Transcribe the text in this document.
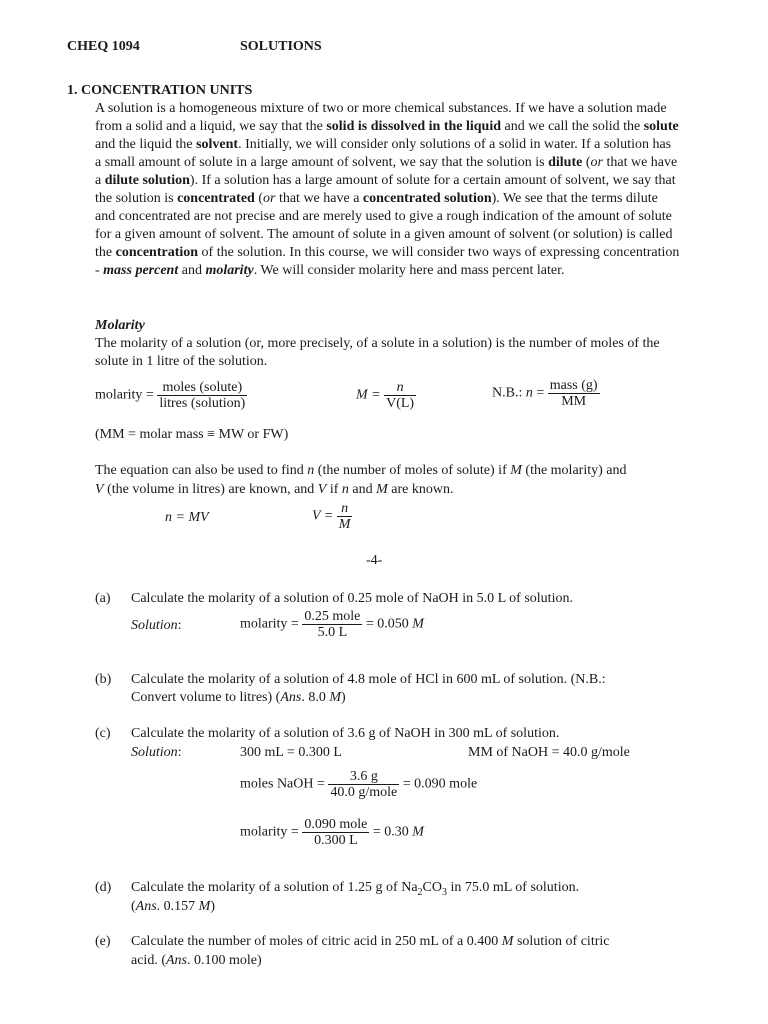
CHEQ 1094	SOLUTIONS
1. CONCENTRATION UNITS
A solution is a homogeneous mixture of two or more chemical substances. If we have a solution made from a solid and a liquid, we say that the solid is dissolved in the liquid and we call the solid the solute and the liquid the solvent. Initially, we will consider only solutions of a solid in water. If a solution has a small amount of solute in a large amount of solvent, we say that the solution is dilute (or that we have a dilute solution). If a solution has a large amount of solute for a certain amount of solvent, we say that the solution is concentrated (or that we have a concentrated solution). We see that the terms dilute and concentrated are not precise and are merely used to give a rough indication of the amount of solute for a given amount of solvent. The amount of solute in a given amount of solvent (or solution) is called the concentration of the solution. In this course, we will consider two ways of expressing concentration - mass percent and molarity. We will consider molarity here and mass percent later.
Molarity
The molarity of a solution (or, more precisely, of a solute in a solution) is the number of moles of the solute in 1 litre of the solution.
molarity = $\frac{\text{moles (solute)}}{\text{litres (solution)}}$	$M = \frac{n}{V(L)}$	N.B.: $n = \frac{\text{mass (g)}}{MM}$
(MM = molar mass ≡ MW or FW)
The equation can also be used to find n (the number of moles of solute) if M (the molarity) and
V (the volume in litres) are known, and V if n and M are known.
n = MV	$V = \frac{n}{M}$
-4-
(a) Calculate the molarity of a solution of 0.25 mole of NaOH in 5.0 L of solution.
Solution:	molarity = $\frac{\text{0.25 mole}}{5.0 L} = 0.050$ M
(b) Calculate the molarity of a solution of 4.8 mole of HCl in 600 mL of solution. (N.B.:
Convert volume to litres) (Ans. 8.0 M)
(c) Calculate the molarity of a solution of 3.6 g of NaOH in 300 mL of solution.
Solution:	300 mL = 0.300 L	MM of NaOH = 40.0 g/mole
moles NaOH = $\frac{3.6 g}{\text{40.0 g/mole}} = 0.090$ mole
molarity = $\frac{\text{0.090 mole}}{0.300 L} = 0.30$ M
(d) Calculate the molarity of a solution of 1.25 g of $Na_2CO_3$ in 75.0 mL of solution.
(Ans. 0.157 M)
(e) Calculate the number of moles of citric acid in 250 mL of a 0.400 M solution of citric
acid. (Ans. 0.100 mole)
